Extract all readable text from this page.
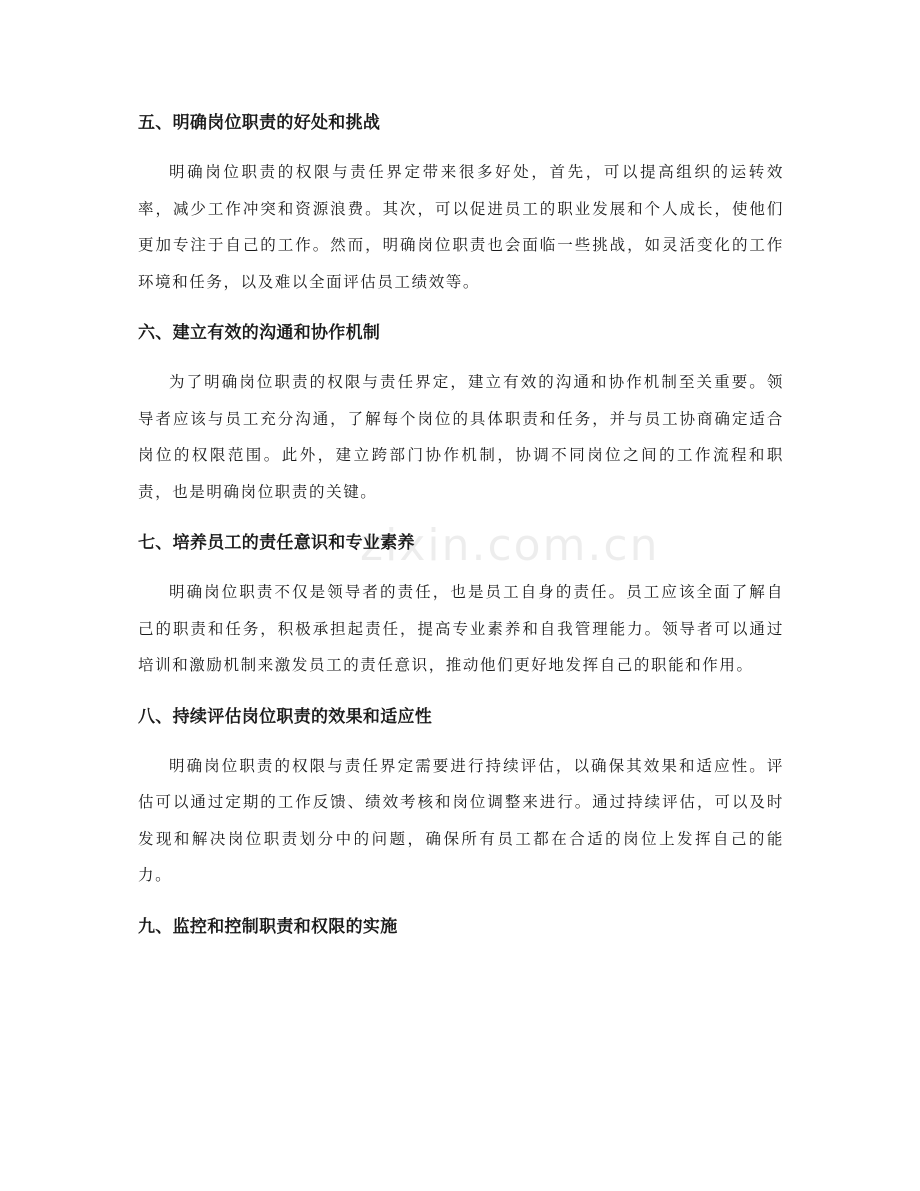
zixin.com.cn
五、明确岗位职责的好处和挑战

明确岗位职责的权限与责任界定带来很多好处，首先，可以提高组织的运转效率，减少工作冲突和资源浪费。其次，可以促进员工的职业发展和个人成长，使他们更加专注于自己的工作。然而，明确岗位职责也会面临一些挑战，如灵活变化的工作环境和任务，以及难以全面评估员工绩效等。

六、建立有效的沟通和协作机制

为了明确岗位职责的权限与责任界定，建立有效的沟通和协作机制至关重要。领导者应该与员工充分沟通，了解每个岗位的具体职责和任务，并与员工协商确定适合岗位的权限范围。此外，建立跨部门协作机制，协调不同岗位之间的工作流程和职责，也是明确岗位职责的关键。

七、培养员工的责任意识和专业素养

明确岗位职责不仅是领导者的责任，也是员工自身的责任。员工应该全面了解自己的职责和任务，积极承担起责任，提高专业素养和自我管理能力。领导者可以通过培训和激励机制来激发员工的责任意识，推动他们更好地发挥自己的职能和作用。

八、持续评估岗位职责的效果和适应性

明确岗位职责的权限与责任界定需要进行持续评估，以确保其效果和适应性。评估可以通过定期的工作反馈、绩效考核和岗位调整来进行。通过持续评估，可以及时发现和解决岗位职责划分中的问题，确保所有员工都在合适的岗位上发挥自己的能力。

九、监控和控制职责和权限的实施
